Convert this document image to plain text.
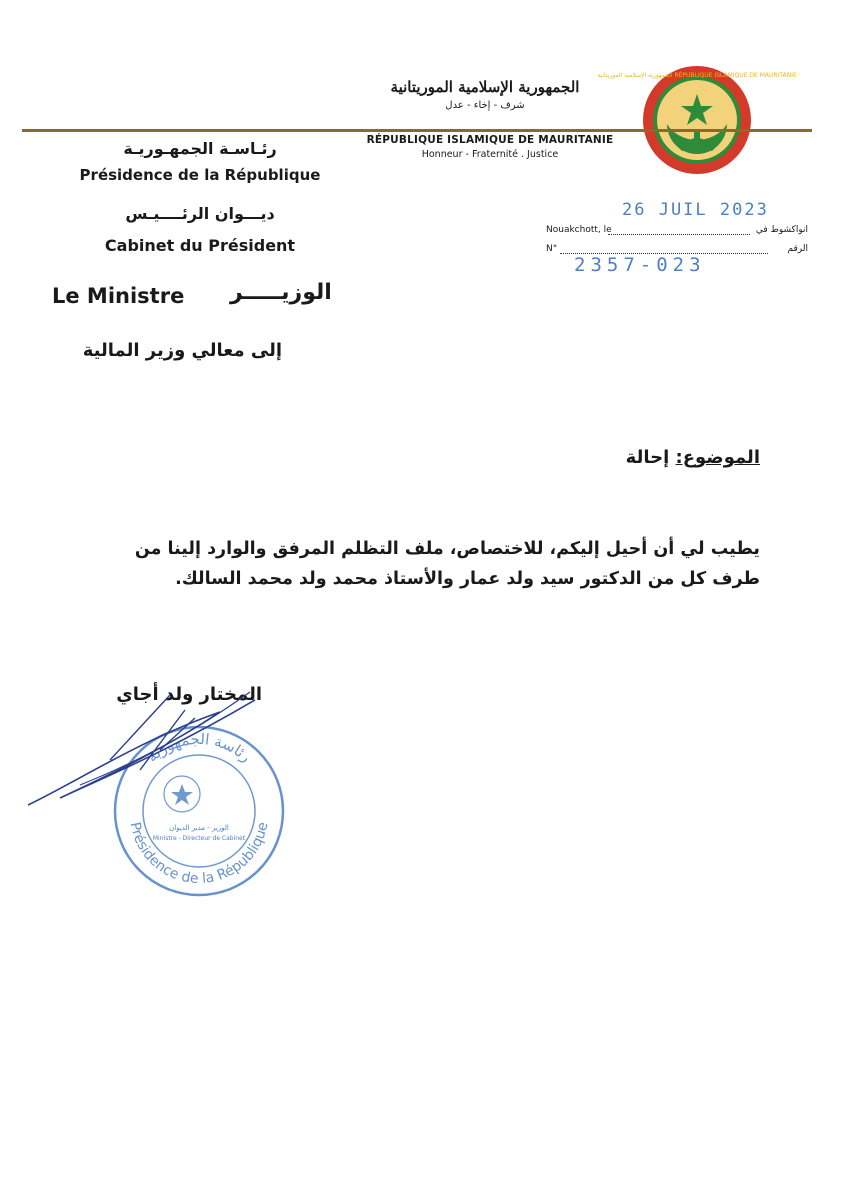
الجمهورية الإسلامية الموريتانية RÉPUBLIQUE ISLAMIQUE DE MAURITANIE
الجمهورية الإسلامية الموريتانية
شرف - إخاء - عدل
RÉPUBLIQUE ISLAMIQUE DE MAURITANIE
Honneur - Fraternité . Justice
رئـاسـة الجمهـوريـة
Présidence de la République
ديـــوان الرئــــيـس
Cabinet du Président
Le Ministre الوزيـــــر
إلى معالي وزير المالية
26 JUIL 2023
Nouakchott, le	انواكشوط في
N°	الرقم
2357-023
الموضوع: إحالة
يطيب لي أن أحيل إليكم، للاختصاص، ملف التظلم المرفق والوارد إلينا من طرف كل من الدكتور سيد ولد عمار والأستاذ محمد ولد محمد السالك.
المختار ولد أجاي
رئاسة الجمهورية
Présidence de la République
الوزير - مدير الديوان
Ministre - Directeur de Cabinet
